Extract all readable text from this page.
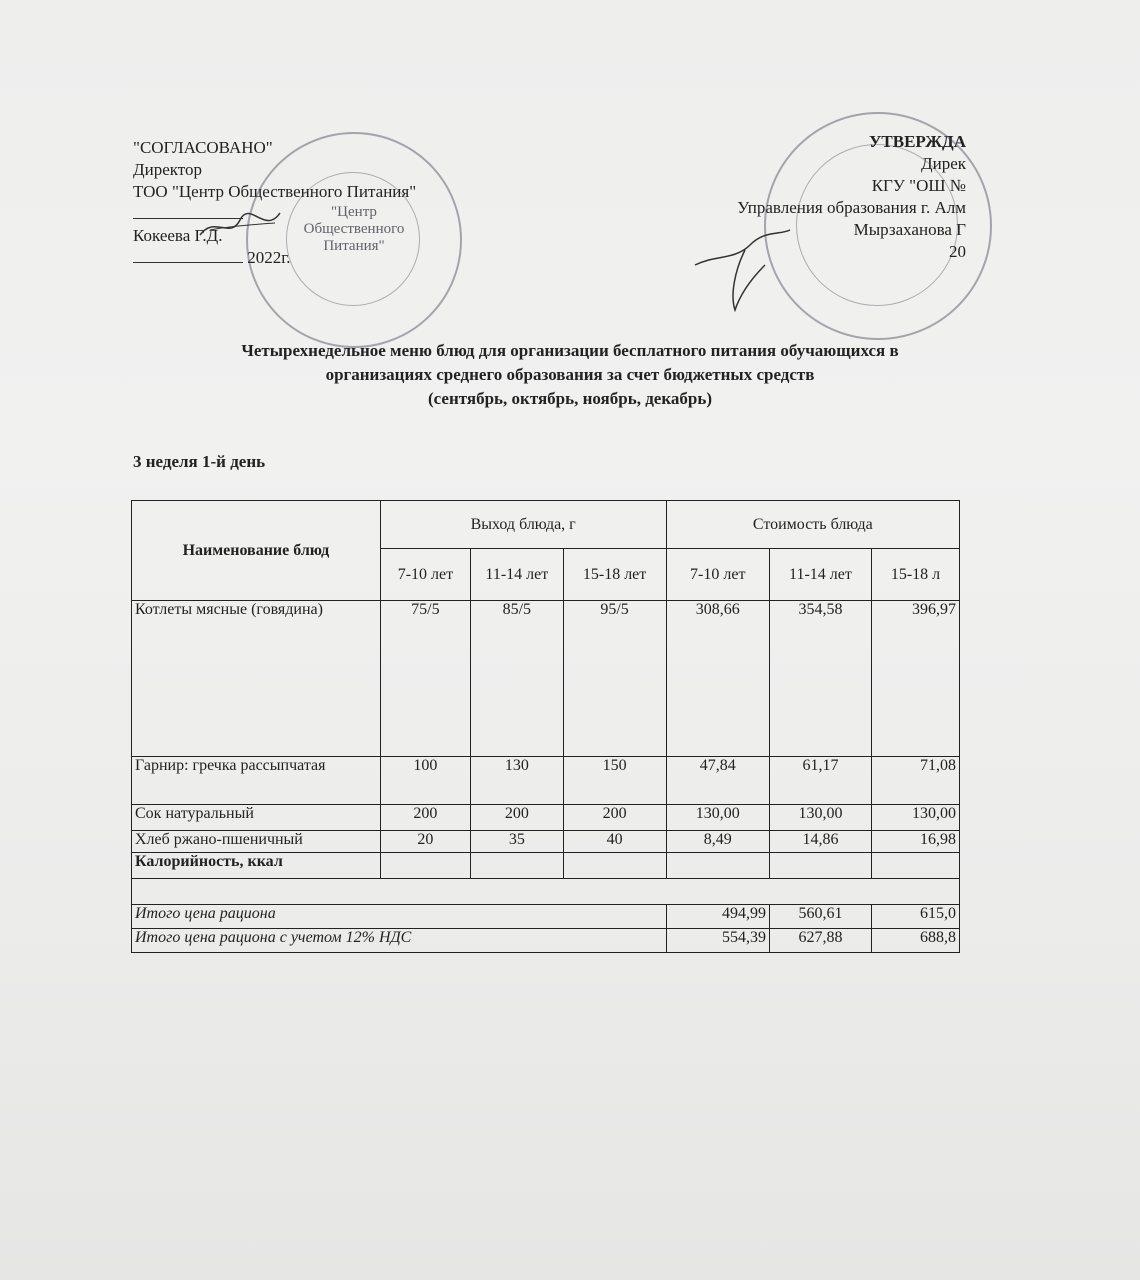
"СОГЛАСОВАНО"
Директор
ТОО "Центр Общественного Питания"
Кокеева Г.Д.
2022г.
УТВЕРЖДА
Дирек
КГУ "ОШ №
Управления образования г. Алм
Мырзаханова Г
20
"Центр Общественного Питания"
Четырехнедельное меню блюд для организации бесплатного питания обучающихся в
организациях среднего образования за счет бюджетных средств
(сентябрь, октябрь, ноябрь, декабрь)
3 неделя 1-й день
Наименование блюд	Выход блюда, г			Стоимость блюда		
	7-10 лет	11-14 лет	15-18 лет	7-10 лет	11-14 лет	15-18 л
Котлеты мясные (говядина)	75/5	85/5	95/5	308,66	354,58	396,97
Гарнир: гречка рассыпчатая	100	130	150	47,84	61,17	71,08
Сок натуральный	200	200	200	130,00	130,00	130,00
Хлеб ржано-пшеничный	20	35	40	8,49	14,86	16,98
Калорийность, ккал						

Итого цена рациона				494,99	560,61	615,0
Итого цена рациона с учетом 12% НДС				554,39	627,88	688,8
